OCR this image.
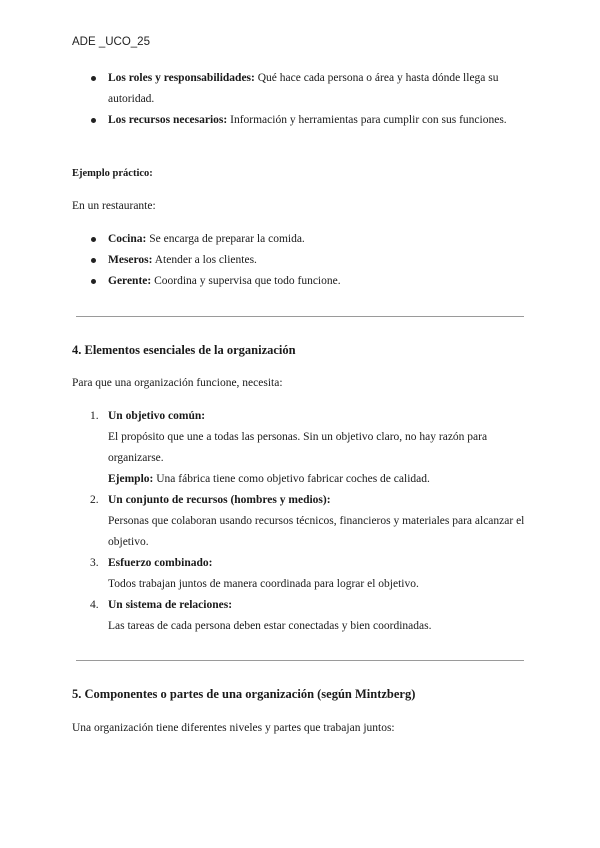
ADE _UCO_25
Los roles y responsabilidades: Qué hace cada persona o área y hasta dónde llega su autoridad.
Los recursos necesarios: Información y herramientas para cumplir con sus funciones.
Ejemplo práctico:
En un restaurante:
Cocina: Se encarga de preparar la comida.
Meseros: Atender a los clientes.
Gerente: Coordina y supervisa que todo funcione.
4. Elementos esenciales de la organización
Para que una organización funcione, necesita:
1. Un objetivo común:
El propósito que une a todas las personas. Sin un objetivo claro, no hay razón para organizarse.
Ejemplo: Una fábrica tiene como objetivo fabricar coches de calidad.
2. Un conjunto de recursos (hombres y medios):
Personas que colaboran usando recursos técnicos, financieros y materiales para alcanzar el objetivo.
3. Esfuerzo combinado:
Todos trabajan juntos de manera coordinada para lograr el objetivo.
4. Un sistema de relaciones:
Las tareas de cada persona deben estar conectadas y bien coordinadas.
5. Componentes o partes de una organización (según Mintzberg)
Una organización tiene diferentes niveles y partes que trabajan juntos:
